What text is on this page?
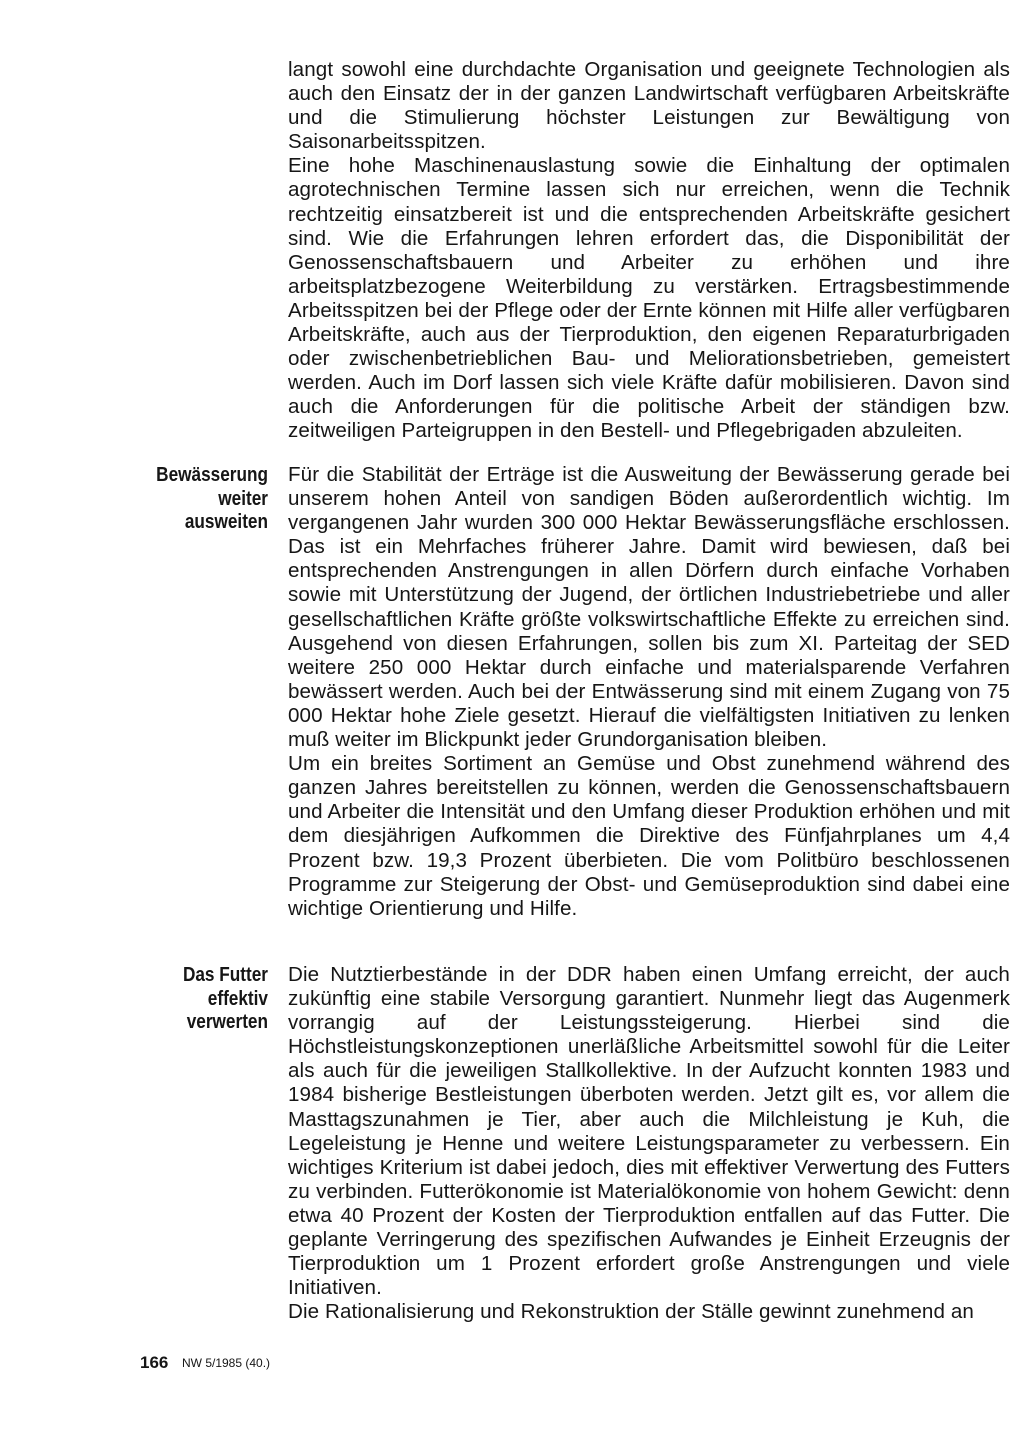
langt sowohl eine durchdachte Organisation und geeignete Technologien als auch den Einsatz der in der ganzen Landwirtschaft verfügbaren Arbeitskräfte und die Stimulierung höchster Leistungen zur Bewältigung von Saisonarbeitsspitzen.

Eine hohe Maschinenauslastung sowie die Einhaltung der optimalen agrotechnischen Termine lassen sich nur erreichen, wenn die Technik rechtzeitig einsatzbereit ist und die entsprechenden Arbeitskräfte gesichert sind. Wie die Erfahrungen lehren erfordert das, die Disponibilität der Genossenschaftsbauern und Arbeiter zu erhöhen und ihre arbeitsplatzbezogene Weiterbildung zu verstärken. Ertragsbestimmende Arbeitsspitzen bei der Pflege oder der Ernte können mit Hilfe aller verfügbaren Arbeitskräfte, auch aus der Tierproduktion, den eigenen Reparaturbrigaden oder zwischenbetrieblichen Bau- und Meliorationsbetrieben, gemeistert werden. Auch im Dorf lassen sich viele Kräfte dafür mobilisieren. Davon sind auch die Anforderungen für die politische Arbeit der ständigen bzw. zeitweiligen Parteigruppen in den Bestell- und Pflegebrigaden abzuleiten.

Bewässerung
weiter
ausweiten

Für die Stabilität der Erträge ist die Ausweitung der Bewässerung gerade bei unserem hohen Anteil von sandigen Böden außerordentlich wichtig. Im vergangenen Jahr wurden 300 000 Hektar Bewässerungsfläche erschlossen. Das ist ein Mehrfaches früherer Jahre. Damit wird bewiesen, daß bei entsprechenden Anstrengungen in allen Dörfern durch einfache Vorhaben sowie mit Unterstützung der Jugend, der örtlichen Industriebetriebe und aller gesellschaftlichen Kräfte größte volkswirtschaftliche Effekte zu erreichen sind. Ausgehend von diesen Erfahrungen, sollen bis zum XI. Parteitag der SED weitere 250 000 Hektar durch einfache und materialsparende Verfahren bewässert werden. Auch bei der Entwässerung sind mit einem Zugang von 75 000 Hektar hohe Ziele gesetzt. Hierauf die vielfältigsten Initiativen zu lenken muß weiter im Blickpunkt jeder Grundorganisation bleiben.

Um ein breites Sortiment an Gemüse und Obst zunehmend während des ganzen Jahres bereitstellen zu können, werden die Genossenschaftsbauern und Arbeiter die Intensität und den Umfang dieser Produktion erhöhen und mit dem diesjährigen Aufkommen die Direktive des Fünfjahrplanes um 4,4 Prozent bzw. 19,3 Prozent überbieten. Die vom Politbüro beschlossenen Programme zur Steigerung der Obst- und Gemüseproduktion sind dabei eine wichtige Orientierung und Hilfe.

Das Futter
effektiv
verwerten

Die Nutztierbestände in der DDR haben einen Umfang erreicht, der auch zukünftig eine stabile Versorgung garantiert. Nunmehr liegt das Augenmerk vorrangig auf der Leistungssteigerung. Hierbei sind die Höchstleistungskonzeptionen unerläßliche Arbeitsmittel sowohl für die Leiter als auch für die jeweiligen Stallkollektive. In der Aufzucht konnten 1983 und 1984 bisherige Bestleistungen überboten werden. Jetzt gilt es, vor allem die Masttagszunahmen je Tier, aber auch die Milchleistung je Kuh, die Legeleistung je Henne und weitere Leistungsparameter zu verbessern. Ein wichtiges Kriterium ist dabei jedoch, dies mit effektiver Verwertung des Futters zu verbinden. Futterökonomie ist Materialökonomie von hohem Gewicht: denn etwa 40 Prozent der Kosten der Tierproduktion entfallen auf das Futter. Die geplante Verringerung des spezifischen Aufwandes je Einheit Erzeugnis der Tierproduktion um 1 Prozent erfordert große Anstrengungen und viele Initiativen.

Die Rationalisierung und Rekonstruktion der Ställe gewinnt zunehmend an

166 NW 5/1985 (40.)
